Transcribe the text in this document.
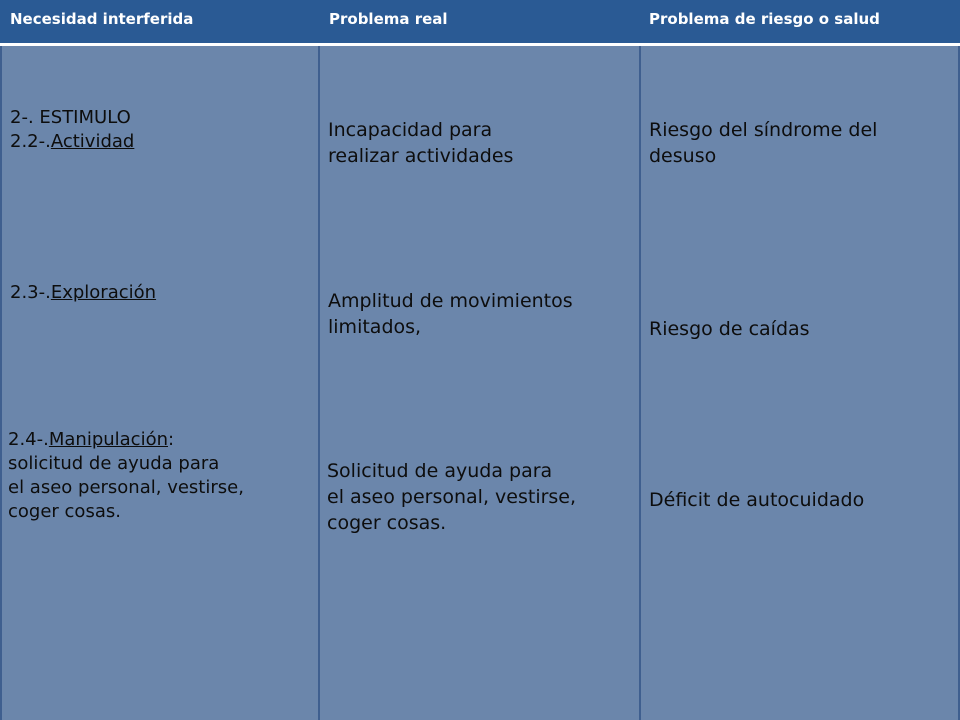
Necesidad interferida	Problema real	Problema de riesgo o salud
2-. ESTIMULO
2.2-.Actividad
2.3-.Exploración
2.4-.Manipulación:
solicitud de ayuda para
el aseo personal, vestirse,
coger cosas.
Incapacidad para
realizar actividades
Amplitud de movimientos
limitados,
Solicitud de ayuda para
el aseo personal, vestirse,
coger cosas.
Riesgo del síndrome del
desuso
Riesgo de caídas
Déficit de autocuidado
